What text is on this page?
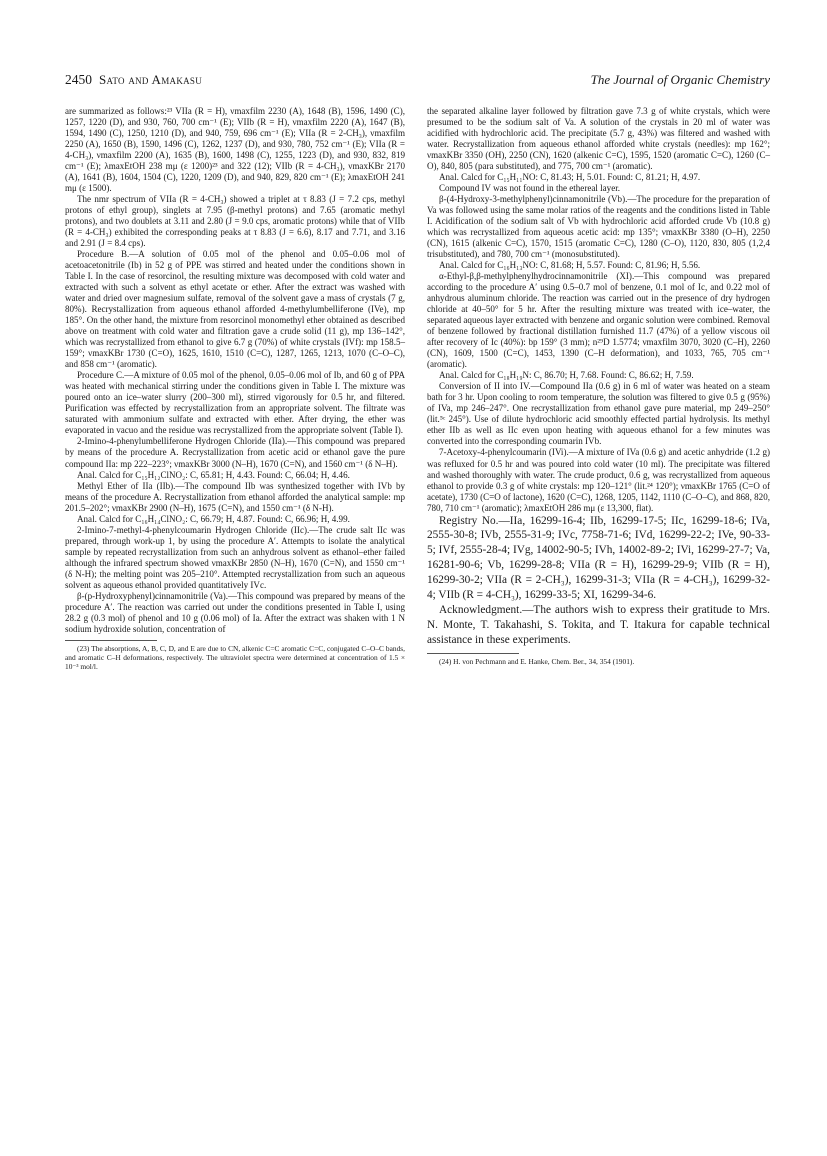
2450 Sato and Amakasu	The Journal of Organic Chemistry

are summarized as follows:²³ VIIa (R = H), νmaxfilm 2230 (A), 1648 (B), 1596, 1490 (C), 1257, 1220 (D), and 930, 760, 700 cm⁻¹ (E); VIIb (R = H), νmaxfilm 2220 (A), 1647 (B), 1594, 1490 (C), 1250, 1210 (D), and 940, 759, 696 cm⁻¹ (E); VIIa (R = 2-CH₃), νmaxfilm 2250 (A), 1650 (B), 1590, 1496 (C), 1262, 1237 (D), and 930, 780, 752 cm⁻¹ (E); VIIa (R = 4-CH₃), νmaxfilm 2200 (A), 1635 (B), 1600, 1498 (C), 1255, 1223 (D), and 930, 832, 819 cm⁻¹ (E); λmaxEtOH 238 mμ (ε 1200)²³ and 322 (12); VIIb (R = 4-CH₃), νmaxKBr 2170 (A), 1641 (B), 1604, 1504 (C), 1220, 1209 (D), and 940, 829, 820 cm⁻¹ (E); λmaxEtOH 241 mμ (ε 1500).

The nmr spectrum of VIIa (R = 4-CH₃) showed a triplet at τ 8.83 (J = 7.2 cps, methyl protons of ethyl group), singlets at 7.95 (β-methyl protons) and 7.65 (aromatic methyl protons), and two doublets at 3.11 and 2.80 (J = 9.0 cps, aromatic protons) while that of VIIb (R = 4-CH₃) exhibited the corresponding peaks at τ 8.83 (J = 6.6), 8.17 and 7.71, and 3.16 and 2.91 (J = 8.4 cps).

Procedure B.—A solution of 0.05 mol of the phenol and 0.05–0.06 mol of acetoacetonitrile (Ib) in 52 g of PPE was stirred and heated under the conditions shown in Table I. In the case of resorcinol, the resulting mixture was decomposed with cold water and extracted with such a solvent as ethyl acetate or ether. After the extract was washed with water and dried over magnesium sulfate, removal of the solvent gave a mass of crystals (7 g, 80%). Recrystallization from aqueous ethanol afforded 4-methylumbelliferone (IVe), mp 185°. On the other hand, the mixture from resorcinol monomethyl ether obtained as described above on treatment with cold water and filtration gave a crude solid (11 g), mp 136–142°, which was recrystallized from ethanol to give 6.7 g (70%) of white crystals (IVf): mp 158.5–159°; νmaxKBr 1730 (C=O), 1625, 1610, 1510 (C=C), 1287, 1265, 1213, 1070 (C–O–C), and 858 cm⁻¹ (aromatic).

Procedure C.—A mixture of 0.05 mol of the phenol, 0.05–0.06 mol of Ib, and 60 g of PPA was heated with mechanical stirring under the conditions given in Table I. The mixture was poured onto an ice–water slurry (200–300 ml), stirred vigorously for 0.5 hr, and filtered. Purification was effected by recrystallization from an appropriate solvent. The filtrate was saturated with ammonium sulfate and extracted with ether. After drying, the ether was evaporated in vacuo and the residue was recrystallized from the appropriate solvent (Table I).

2-Imino-4-phenylumbelliferone Hydrogen Chloride (IIa).—This compound was prepared by means of the procedure A. Recrystallization from acetic acid or ethanol gave the pure compound IIa: mp 222–223°; νmaxKBr 3000 (N–H), 1670 (C=N), and 1560 cm⁻¹ (δ N–H).

Anal. Calcd for C₁₅H₁₂ClNO₂: C, 65.81; H, 4.43. Found: C, 66.04; H, 4.46.

Methyl Ether of IIa (IIb).—The compound IIb was synthesized together with IVb by means of the procedure A. Recrystallization from ethanol afforded the analytical sample: mp 201.5–202°; νmaxKBr 2900 (N–H), 1675 (C=N), and 1550 cm⁻¹ (δ N-H).

Anal. Calcd for C₁₆H₁₄ClNO₂: C, 66.79; H, 4.87. Found: C, 66.96; H, 4.99.

2-Imino-7-methyl-4-phenylcoumarin Hydrogen Chloride (IIc).—The crude salt IIc was prepared, through work-up 1, by using the procedure A′. Attempts to isolate the analytical sample by repeated recrystallization from such an anhydrous solvent as ethanol–ether failed although the infrared spectrum showed νmaxKBr 2850 (N–H), 1670 (C=N), and 1550 cm⁻¹ (δ N-H); the melting point was 205–210°. Attempted recrystallization from such an aqueous solvent as aqueous ethanol provided quantitatively IVc.

β-(p-Hydroxyphenyl)cinnamonitrile (Va).—This compound was prepared by means of the procedure A′. The reaction was carried out under the conditions presented in Table I, using 28.2 g (0.3 mol) of phenol and 10 g (0.06 mol) of Ia. After the extract was shaken with 1 N sodium hydroxide solution, concentration of

(23) The absorptions, A, B, C, D, and E are due to CN, alkenic C=C aromatic C=C, conjugated C–O–C bands, and aromatic C–H deformations, respectively. The ultraviolet spectra were determined at concentration of 1.5 × 10⁻³ mol/l.

the separated alkaline layer followed by filtration gave 7.3 g of white crystals, which were presumed to be the sodium salt of Va. A solution of the crystals in 20 ml of water was acidified with hydrochloric acid. The precipitate (5.7 g, 43%) was filtered and washed with water. Recrystallization from aqueous ethanol afforded white crystals (needles): mp 162°; νmaxKBr 3350 (OH), 2250 (CN), 1620 (alkenic C=C), 1595, 1520 (aromatic C=C), 1260 (C–O), 840, 805 (para substituted), and 775, 700 cm⁻¹ (aromatic).

Anal. Calcd for C₁₅H₁₁NO: C, 81.43; H, 5.01. Found: C, 81.21; H, 4.97.

Compound IV was not found in the ethereal layer.

β-(4-Hydroxy-3-methylphenyl)cinnamonitrile (Vb).—The procedure for the preparation of Va was followed using the same molar ratios of the reagents and the conditions listed in Table I. Acidification of the sodium salt of Vb with hydrochloric acid afforded crude Vb (10.8 g) which was recrystallized from aqueous acetic acid: mp 135°; νmaxKBr 3380 (O–H), 2250 (CN), 1615 (alkenic C=C), 1570, 1515 (aromatic C=C), 1280 (C–O), 1120, 830, 805 (1,2,4 trisubstituted), and 780, 700 cm⁻¹ (monosubstituted).

Anal. Calcd for C₁₆H₁₃NO: C, 81.68; H, 5.57. Found: C, 81.96; H, 5.56.

α-Ethyl-β,β-methylphenylhydrocinnamonitrile (XI).—This compound was prepared according to the procedure A′ using 0.5–0.7 mol of benzene, 0.1 mol of Ic, and 0.22 mol of anhydrous aluminum chloride. The reaction was carried out in the presence of dry hydrogen chloride at 40–50° for 5 hr. After the resulting mixture was treated with ice–water, the separated aqueous layer extracted with benzene and organic solution were combined. Removal of benzene followed by fractional distillation furnished 11.7 (47%) of a yellow viscous oil after recovery of Ic (40%): bp 159° (3 mm); n²⁹D 1.5774; νmaxfilm 3070, 3020 (C–H), 2260 (CN), 1609, 1500 (C=C), 1453, 1390 (C–H deformation), and 1033, 765, 705 cm⁻¹ (aromatic).

Anal. Calcd for C₁₈H₁₉N: C, 86.70; H, 7.68. Found: C, 86.62; H, 7.59.

Conversion of II into IV.—Compound IIa (0.6 g) in 6 ml of water was heated on a steam bath for 3 hr. Upon cooling to room temperature, the solution was filtered to give 0.5 g (95%) of IVa, mp 246–247°. One recrystallization from ethanol gave pure material, mp 249–250° (lit.⁵ᶜ 245°). Use of dilute hydrochloric acid smoothly effected partial hydrolysis. Its methyl ether IIb as well as IIc even upon heating with aqueous ethanol for a few minutes was converted into the corresponding coumarin IVb.

7-Acetoxy-4-phenylcoumarin (IVi).—A mixture of IVa (0.6 g) and acetic anhydride (1.2 g) was refluxed for 0.5 hr and was poured into cold water (10 ml). The precipitate was filtered and washed thoroughly with water. The crude product, 0.6 g, was recrystallized from aqueous ethanol to provide 0.3 g of white crystals: mp 120–121° (lit.²⁴ 120°); νmaxKBr 1765 (C=O of acetate), 1730 (C=O of lactone), 1620 (C=C), 1268, 1205, 1142, 1110 (C–O–C), and 868, 820, 780, 710 cm⁻¹ (aromatic); λmaxEtOH 286 mμ (ε 13,300, flat).

Registry No.—IIa, 16299-16-4; IIb, 16299-17-5; IIc, 16299-18-6; IVa, 2555-30-8; IVb, 2555-31-9; IVc, 7758-71-6; IVd, 16299-22-2; IVe, 90-33-5; IVf, 2555-28-4; IVg, 14002-90-5; IVh, 14002-89-2; IVi, 16299-27-7; Va, 16281-90-6; Vb, 16299-28-8; VIIa (R = H), 16299-29-9; VIIb (R = H), 16299-30-2; VIIa (R = 2-CH₃), 16299-31-3; VIIa (R = 4-CH₃), 16299-32-4; VIIb (R = 4-CH₃), 16299-33-5; XI, 16299-34-6.

Acknowledgment.—The authors wish to express their gratitude to Mrs. N. Monte, T. Takahashi, S. Tokita, and T. Itakura for capable technical assistance in these experiments.

(24) H. von Pechmann and E. Hanke, Chem. Ber., 34, 354 (1901).
